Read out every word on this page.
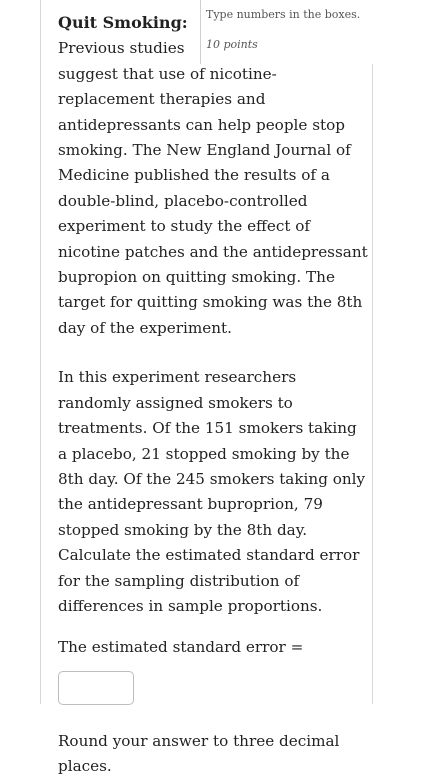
Type numbers in the boxes.
10 points
Quit Smoking:
Previous studies

suggest that use of nicotine-replacement therapies and antidepressants can help people stop smoking. The New England Journal of Medicine published the results of a double-blind, placebo-controlled experiment to study the effect of nicotine patches and the antidepressant bupropion on quitting smoking. The target for quitting smoking was the 8th day of the experiment.

In this experiment researchers randomly assigned smokers to treatments. Of the 151 smokers taking a placebo, 21 stopped smoking by the 8th day. Of the 245 smokers taking only the antidepressant buproprion, 79 stopped smoking by the 8th day. Calculate the estimated standard error for the sampling distribution of differences in sample proportions.

The estimated standard error =

Round your answer to three decimal places.
